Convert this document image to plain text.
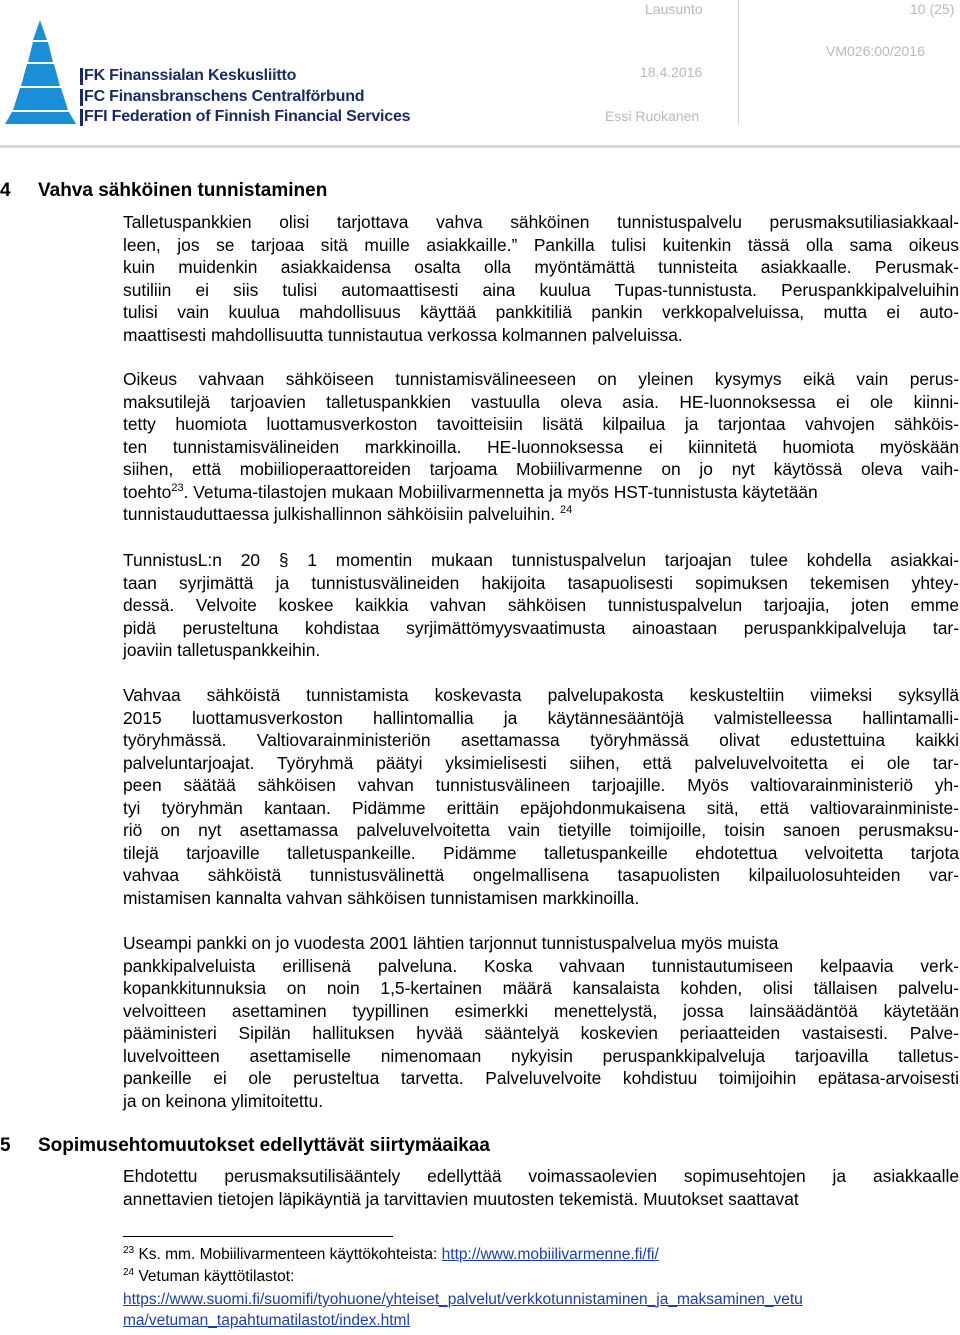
FK Finanssialan Keskusliitto
FC Finansbranschens Centralförbund
FFI Federation of Finnish Financial Services
Lausunto	10 (25)
18.4.2016
VM026:00/2016
Essi Ruokanen
4 Vahva sähköinen tunnistaminen
Talletuspankkien olisi tarjottava vahva sähköinen tunnistuspalvelu perusmaksutiliasiakkaal-
leen, jos se tarjoaa sitä muille asiakkaille.” Pankilla tulisi kuitenkin tässä olla sama oikeus
kuin muidenkin asiakkaidensa osalta olla myöntämättä tunnisteita asiakkaalle. Perusmak-
sutiliin ei siis tulisi automaattisesti aina kuulua Tupas-tunnistusta. Peruspankkipalveluihin
tulisi vain kuulua mahdollisuus käyttää pankkitiliä pankin verkkopalveluissa, mutta ei auto-
maattisesti mahdollisuutta tunnistautua verkossa kolmannen palveluissa.
Oikeus vahvaan sähköiseen tunnistamisvälineeseen on yleinen kysymys eikä vain perus-
maksutilejä tarjoavien talletuspankkien vastuulla oleva asia. HE-luonnoksessa ei ole kiinni-
tetty huomiota luottamusverkoston tavoitteisiin lisätä kilpailua ja tarjontaa vahvojen sähköis-
ten tunnistamisvälineiden markkinoilla. HE-luonnoksessa ei kiinnitetä huomiota myöskään
siihen, että mobiilioperaattoreiden tarjoama Mobiilivarmenne on jo nyt käytössä oleva vaih-
toehto$^{23}$. Vetuma-tilastojen mukaan Mobiilivarmennetta ja myös HST-tunnistusta käytetään
tunnistauduttaessa julkishallinnon sähköisiin palveluihin. $^{24}$
TunnistusL:n 20 § 1 momentin mukaan tunnistuspalvelun tarjoajan tulee kohdella asiakkai-
taan syrjimättä ja tunnistusvälineiden hakijoita tasapuolisesti sopimuksen tekemisen yhtey-
dessä. Velvoite koskee kaikkia vahvan sähköisen tunnistuspalvelun tarjoajia, joten emme
pidä perusteltuna kohdistaa syrjimättömyysvaatimusta ainoastaan peruspankkipalveluja tar-
joaviin talletuspankkeihin.
Vahvaa sähköistä tunnistamista koskevasta palvelupakosta keskusteltiin viimeksi syksyllä
2015 luottamusverkoston hallintomallia ja käytännesääntöjä valmistelleessa hallintamalli-
työryhmässä. Valtiovarainministeriön asettamassa työryhmässä olivat edustettuina kaikki
palveluntarjoajat. Työryhmä päätyi yksimielisesti siihen, että palveluvelvoitetta ei ole tar-
peen säätää sähköisen vahvan tunnistusvälineen tarjoajille. Myös valtiovarainministeriö yh-
tyi työryhmän kantaan. Pidämme erittäin epäjohdonmukaisena sitä, että valtiovarainministe-
riö on nyt asettamassa palveluvelvoitetta vain tietyille toimijoille, toisin sanoen perusmaksu-
tilejä tarjoaville talletuspankeille. Pidämme talletuspankeille ehdotettua velvoitetta tarjota
vahvaa sähköistä tunnistusvälinettä ongelmallisena tasapuolisten kilpailuolosuhteiden var-
mistamisen kannalta vahvan sähköisen tunnistamisen markkinoilla.
Useampi pankki on jo vuodesta 2001 lähtien tarjonnut tunnistuspalvelua myös muista
pankkipalveluista erillisenä palveluna. Koska vahvaan tunnistautumiseen kelpaavia verk-
kopankkitunnuksia on noin 1,5-kertainen määrä kansalaista kohden, olisi tällaisen palvelu-
velvoitteen asettaminen tyypillinen esimerkki menettelystä, jossa lainsäädäntöä käytetään
pääministeri Sipilän hallituksen hyvää sääntelyä koskevien periaatteiden vastaisesti. Palve-
luvelvoitteen asettamiselle nimenomaan nykyisin peruspankkipalveluja tarjoavilla talletus-
pankeille ei ole perusteltua tarvetta. Palveluvelvoite kohdistuu toimijoihin epätasa-arvoisesti
ja on keinona ylimitoitettu.
5 Sopimusehtomuutokset edellyttävät siirtymäaikaa
Ehdotettu perusmaksutilisääntely edellyttää voimassaolevien sopimusehtojen ja asiakkaalle
annettavien tietojen läpikäyntiä ja tarvittavien muutosten tekemistä. Muutokset saattavat
$^{23}$ Ks. mm. Mobiilivarmenteen käyttökohteista: http://www.mobiilivarmenne.fi/fi/
$^{24}$ Vetuman käyttötilastot:
https://www.suomi.fi/suomifi/tyohuone/yhteiset_palvelut/verkkotunnistaminen_ja_maksaminen_vetu
ma/vetuman_tapahtumatilastot/index.html
